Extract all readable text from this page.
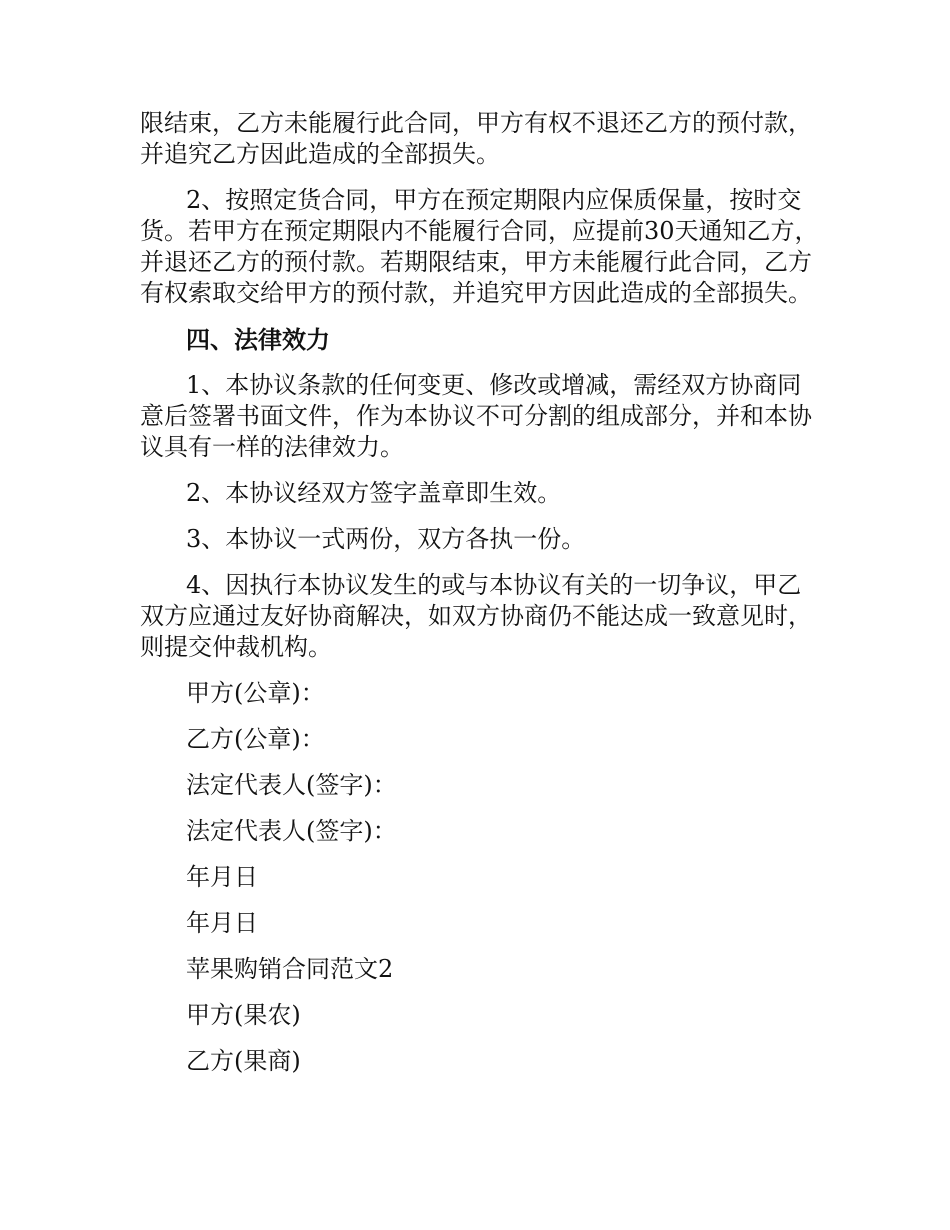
限结束，乙方未能履行此合同，甲方有权不退还乙方的预付款，并追究乙方因此造成的全部损失。

2、按照定货合同，甲方在预定期限内应保质保量，按时交货。若甲方在预定期限内不能履行合同，应提前30天通知乙方，并退还乙方的预付款。若期限结束，甲方未能履行此合同，乙方有权索取交给甲方的预付款，并追究甲方因此造成的全部损失。

四、法律效力

1、本协议条款的任何变更、修改或增减，需经双方协商同意后签署书面文件，作为本协议不可分割的组成部分，并和本协议具有一样的法律效力。

2、本协议经双方签字盖章即生效。

3、本协议一式两份，双方各执一份。

4、因执行本协议发生的或与本协议有关的一切争议，甲乙双方应通过友好协商解决，如双方协商仍不能达成一致意见时，则提交仲裁机构。

甲方(公章)：

乙方(公章)：

法定代表人(签字)：

法定代表人(签字)：

年月日

年月日

苹果购销合同范文2

甲方(果农)

乙方(果商)
